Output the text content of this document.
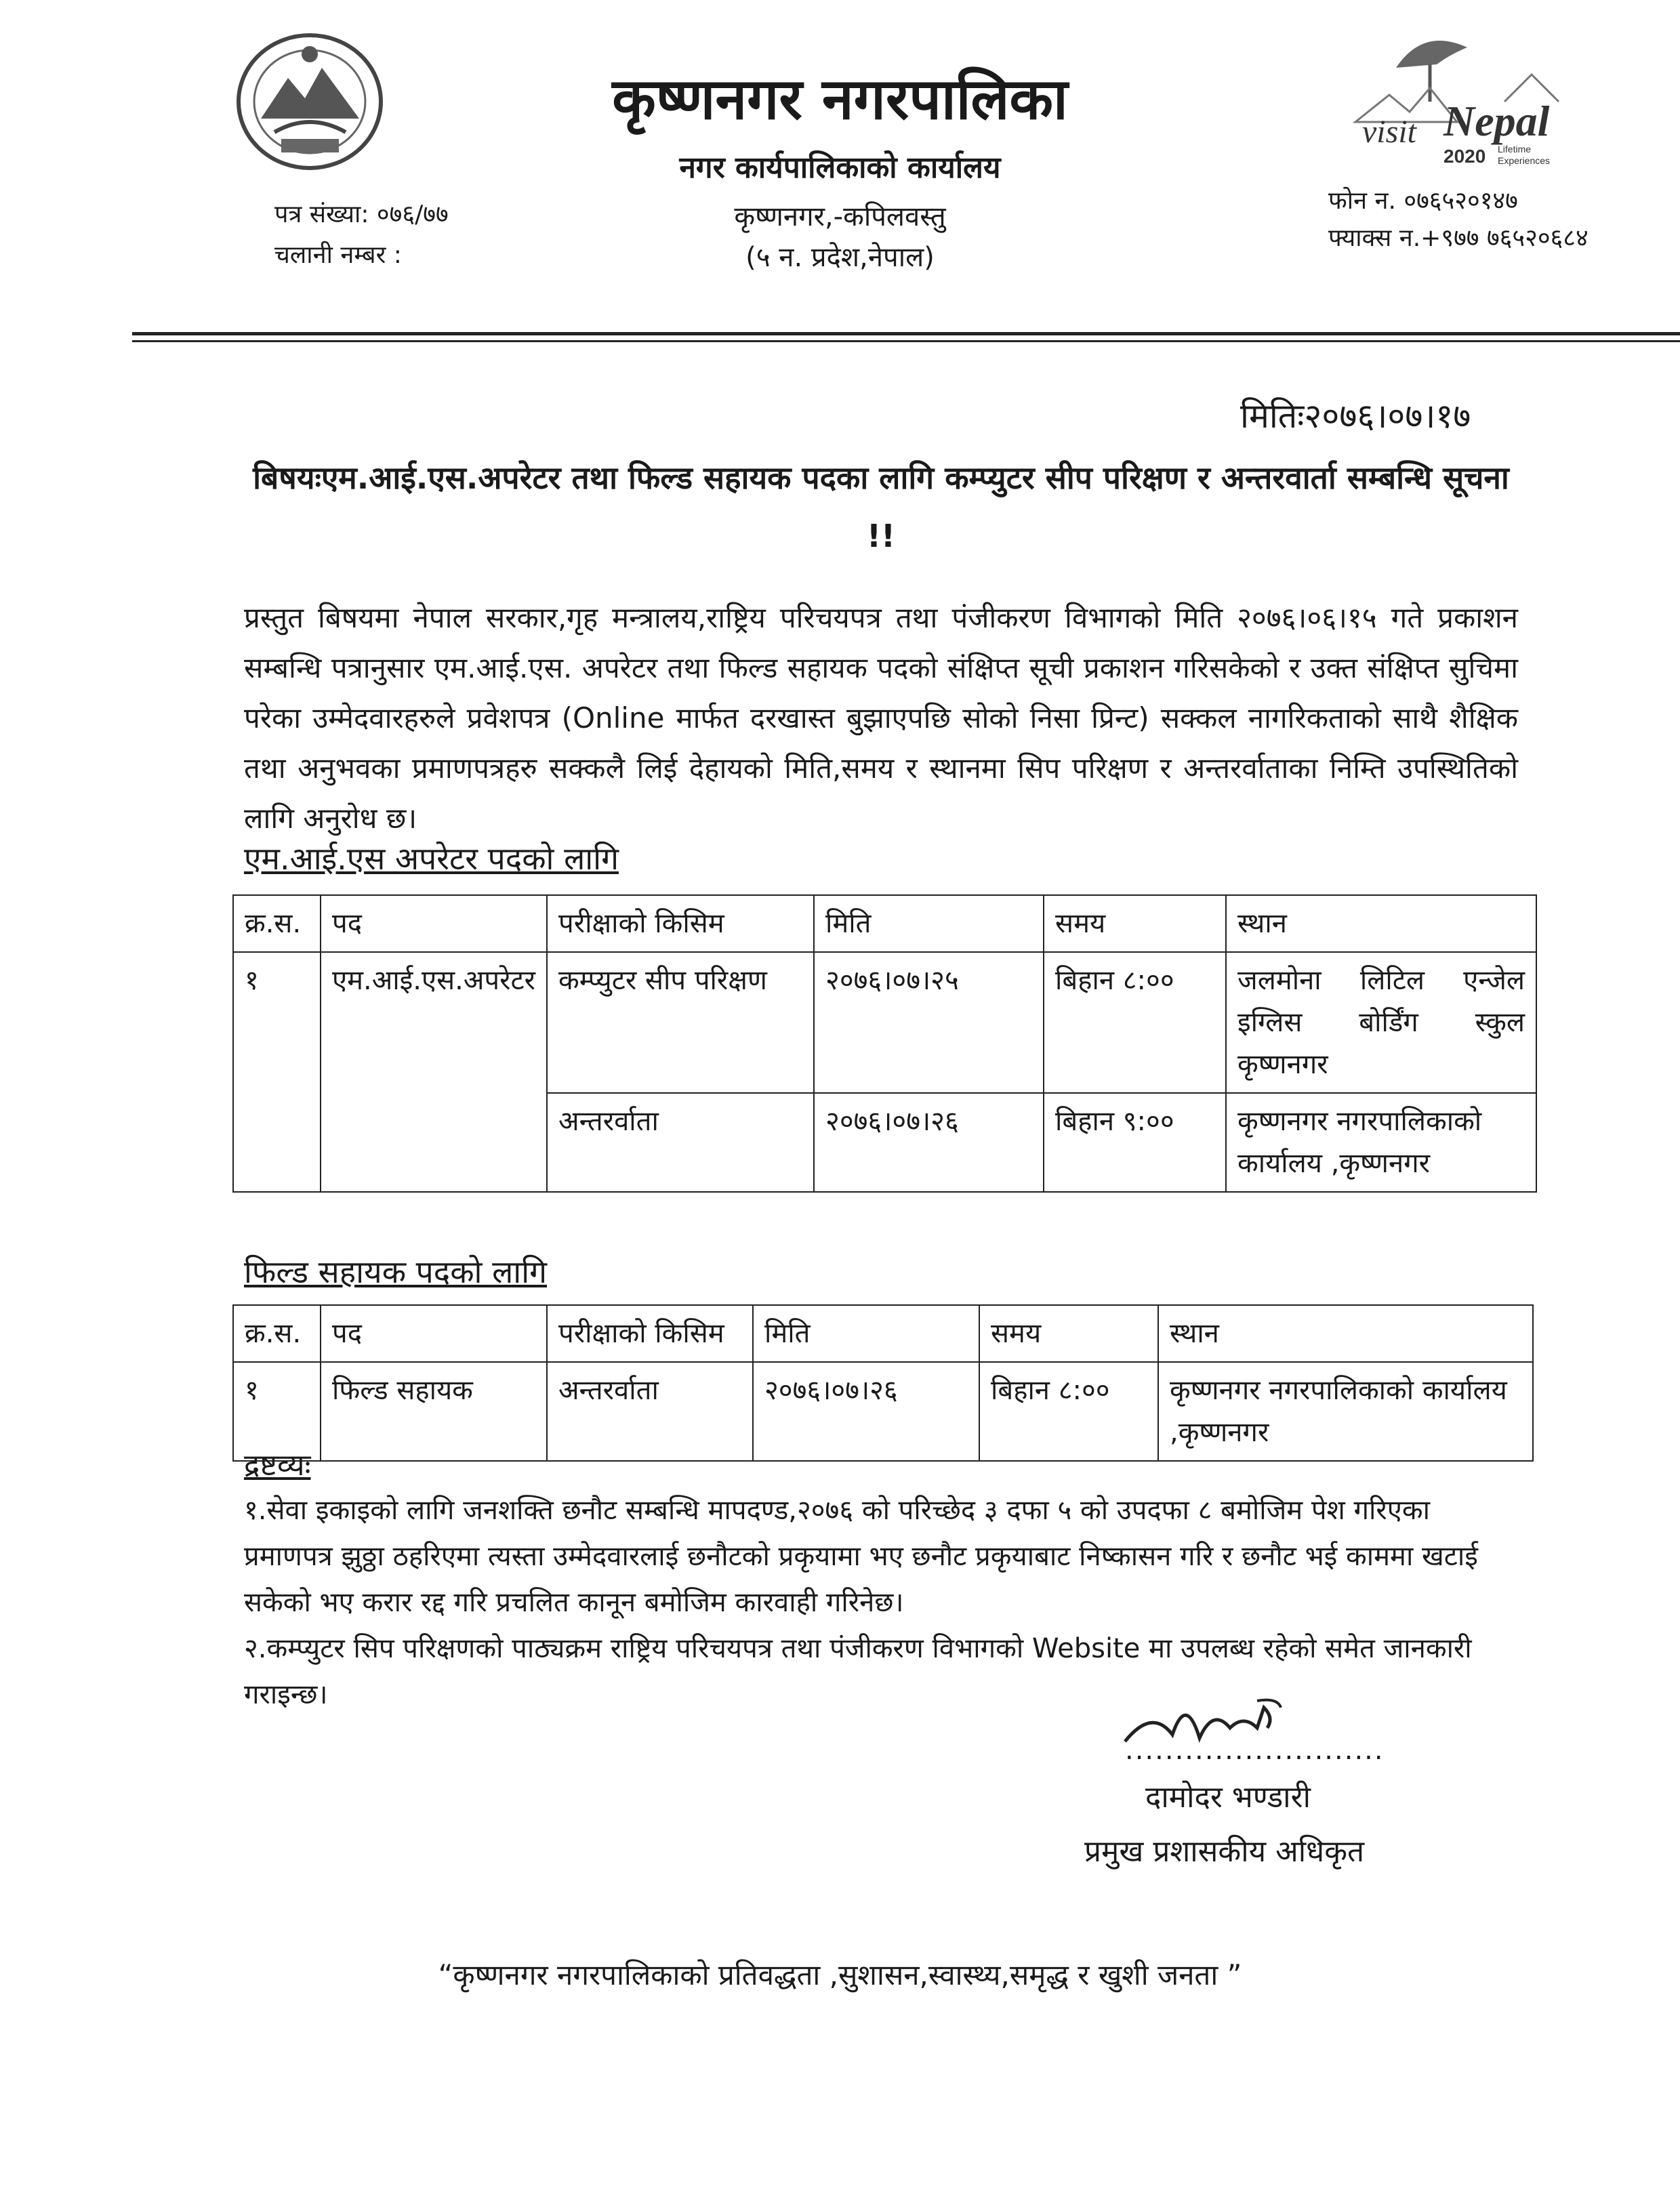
visit Nepal
2020 Lifetime
Experiences
कृष्णनगर नगरपालिका
नगर कार्यपालिकाको कार्यालय
कृष्णनगर,-कपिलवस्तु
(५ न. प्रदेश,नेपाल)
पत्र संख्या: ०७६/७७
चलानी नम्बर :
फोन न. ०७६५२०१४७
फ्याक्स न.+९७७ ७६५२०६८४
मितिः२०७६।०७।१७
बिषयःएम.आई.एस.अपरेटर तथा फिल्ड सहायक पदका लागि कम्प्युटर सीप परिक्षण र अन्तरवार्ता सम्बन्धि सूचना !!
प्रस्तुत बिषयमा नेपाल सरकार,गृह मन्त्रालय,राष्ट्रिय परिचयपत्र तथा पंजीकरण विभागको मिति २०७६।०६।१५ गते प्रकाशन सम्बन्धि पत्रानुसार एम.आई.एस. अपरेटर तथा फिल्ड सहायक पदको संक्षिप्त सूची प्रकाशन गरिसकेको र उक्त संक्षिप्त सुचिमा परेका उम्मेदवारहरुले प्रवेशपत्र (Online मार्फत दरखास्त बुझाएपछि सोको निसा प्रिन्ट) सक्कल नागरिकताको साथै शैक्षिक तथा अनुभवका प्रमाणपत्रहरु सक्कलै लिई देहायको मिति,समय र स्थानमा सिप परिक्षण र अन्तरर्वाताका निम्ति उपस्थितिको लागि अनुरोध छ।
एम.आई.एस अपरेटर पदको लागि
क्र.स.	पद	परीक्षाको किसिम	मिति	समय	स्थान
१	एम.आई.एस.अपरेटर	कम्प्युटर सीप परिक्षण	२०७६।०७।२५	बिहान ८:००	जलमोना लिटिल एन्जेल इग्लिस बोर्डिंग स्कुल कृष्णनगर
		अन्तरर्वाता	२०७६।०७।२६	बिहान ९:००	कृष्णनगर नगरपालिकाको कार्यालय ,कृष्णनगर
फिल्ड सहायक पदको लागि
क्र.स.	पद	परीक्षाको किसिम	मिति	समय	स्थान
१	फिल्ड सहायक	अन्तरर्वाता	२०७६।०७।२६	बिहान ८:००	कृष्णनगर नगरपालिकाको कार्यालय ,कृष्णनगर
द्रष्टव्यः
१.सेवा इकाइको लागि जनशक्ति छनौट सम्बन्धि मापदण्ड,२०७६ को परिच्छेद ३ दफा ५ को उपदफा ८ बमोजिम पेश गरिएका प्रमाणपत्र झुठ्ठा ठहरिएमा त्यस्ता उम्मेदवारलाई छनौटको प्रकृयामा भए छनौट प्रकृयाबाट निष्कासन गरि र छनौट भई काममा खटाई सकेको भए करार रद्द गरि प्रचलित कानून बमोजिम कारवाही गरिनेछ।
२.कम्प्युटर सिप परिक्षणको पाठ्यक्रम राष्ट्रिय परिचयपत्र तथा पंजीकरण विभागको Website मा उपलब्ध रहेको समेत जानकारी गराइन्छ।
..........................
दामोदर भण्डारी
प्रमुख प्रशासकीय अधिकृत
“कृष्णनगर नगरपालिकाको प्रतिवद्धता ,सुशासन,स्वास्थ्य,समृद्ध र खुशी जनता ”
